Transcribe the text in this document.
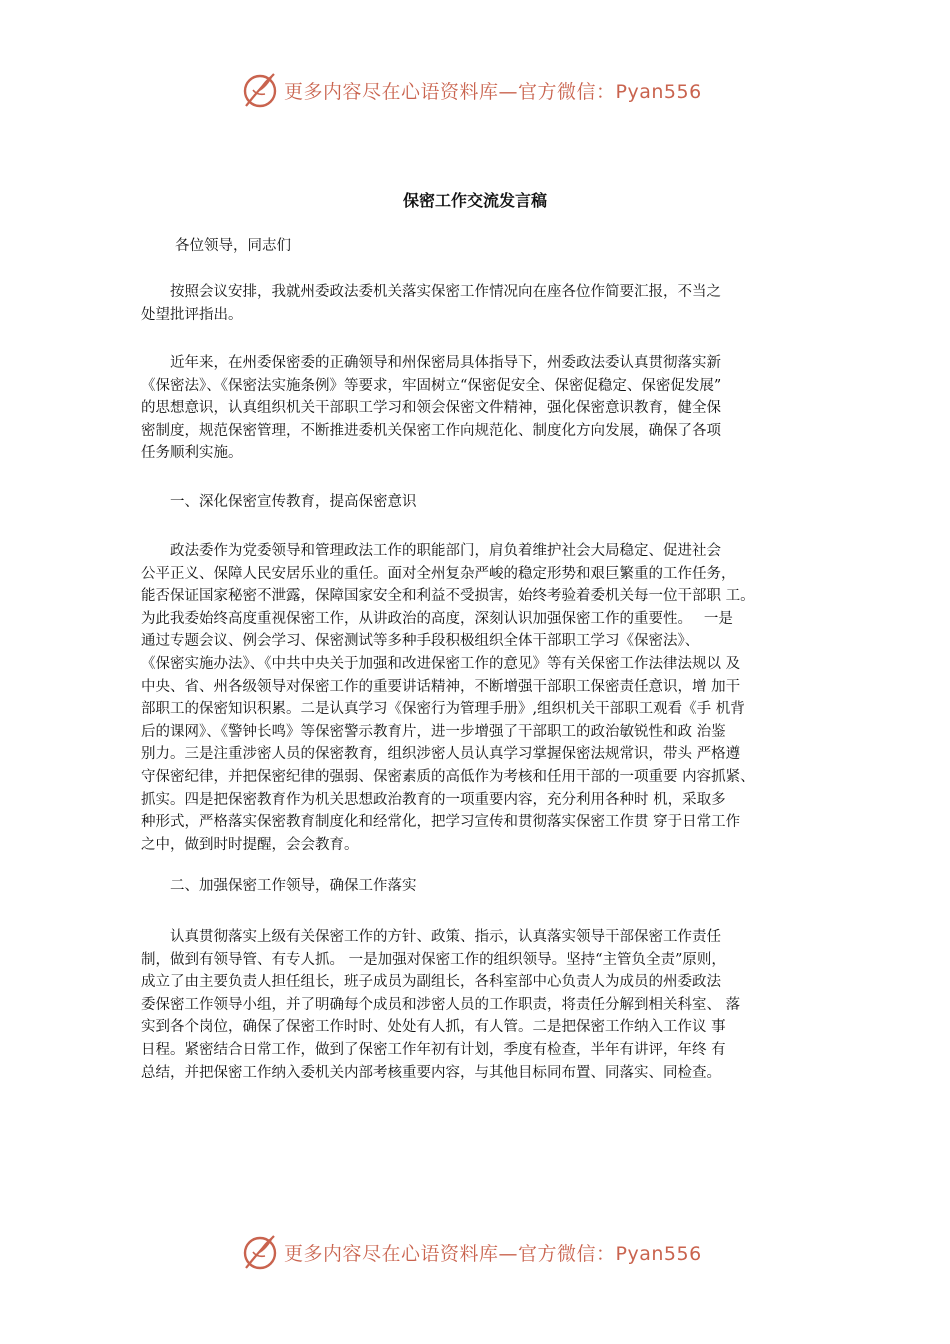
更多内容尽在心语资料库—官方微信：Pyan556
保密工作交流发言稿
各位领导，同志们
　　按照会议安排，我就州委政法委机关落实保密工作情况向在座各位作简要汇报，不当之
处望批评指出。
　　近年来，在州委保密委的正确领导和州保密局具体指导下，州委政法委认真贯彻落实新
《保密法》、《保密法实施条例》等要求，牢固树立“保密促安全、保密促稳定、保密促发展”
的思想意识，认真组织机关干部职工学习和领会保密文件精神，强化保密意识教育，健全保
密制度，规范保密管理，不断推进委机关保密工作向规范化、制度化方向发展，确保了各项
任务顺利实施。
　　一、深化保密宣传教育，提高保密意识
　　政法委作为党委领导和管理政法工作的职能部门，肩负着维护社会大局稳定、促进社会
公平正义、保障人民安居乐业的重任。面对全州复杂严峻的稳定形势和艰巨繁重的工作任务，
能否保证国家秘密不泄露，保障国家安全和利益不受损害，始终考验着委机关每一位干部职 工。
为此我委始终高度重视保密工作，从讲政治的高度，深刻认识加强保密工作的重要性。　 一是
通过专题会议、例会学习、保密测试等多种手段积极组织全体干部职工学习《保密法》、
《保密实施办法》、《中共中央关于加强和改进保密工作的意见》等有关保密工作法律法规以 及
中央、省、州各级领导对保密工作的重要讲话精神，不断增强干部职工保密责任意识，增 加干
部职工的保密知识积累。二是认真学习《保密行为管理手册》,组织机关干部职工观看《手 机背
后的课网》、《警钟长鸣》等保密警示教育片，进一步增强了干部职工的政治敏锐性和政 治鉴
别力。三是注重涉密人员的保密教育，组织涉密人员认真学习掌握保密法规常识，带头 严格遵
守保密纪律，并把保密纪律的强弱、保密素质的高低作为考核和任用干部的一项重要 内容抓紧、
抓实。四是把保密教育作为机关思想政治教育的一项重要内容，充分利用各种时 机，采取多
种形式，严格落实保密教育制度化和经常化，把学习宣传和贯彻落实保密工作贯 穿于日常工作
之中，做到时时提醒，会会教育。
　　二、加强保密工作领导，确保工作落实
　　认真贯彻落实上级有关保密工作的方针、政策、指示，认真落实领导干部保密工作责任
制，做到有领导管、有专人抓。 一是加强对保密工作的组织领导。坚持“主管负全责”原则，
成立了由主要负责人担任组长，班子成员为副组长，各科室部中心负责人为成员的州委政法
委保密工作领导小组，并了明确每个成员和涉密人员的工作职责，将责任分解到相关科室、 落
实到各个岗位，确保了保密工作时时、处处有人抓，有人管。二是把保密工作纳入工作议 事
日程。紧密结合日常工作，做到了保密工作年初有计划，季度有检查，半年有讲评，年终 有
总结，并把保密工作纳入委机关内部考核重要内容，与其他目标同布置、同落实、同检查。
更多内容尽在心语资料库—官方微信：Pyan556
